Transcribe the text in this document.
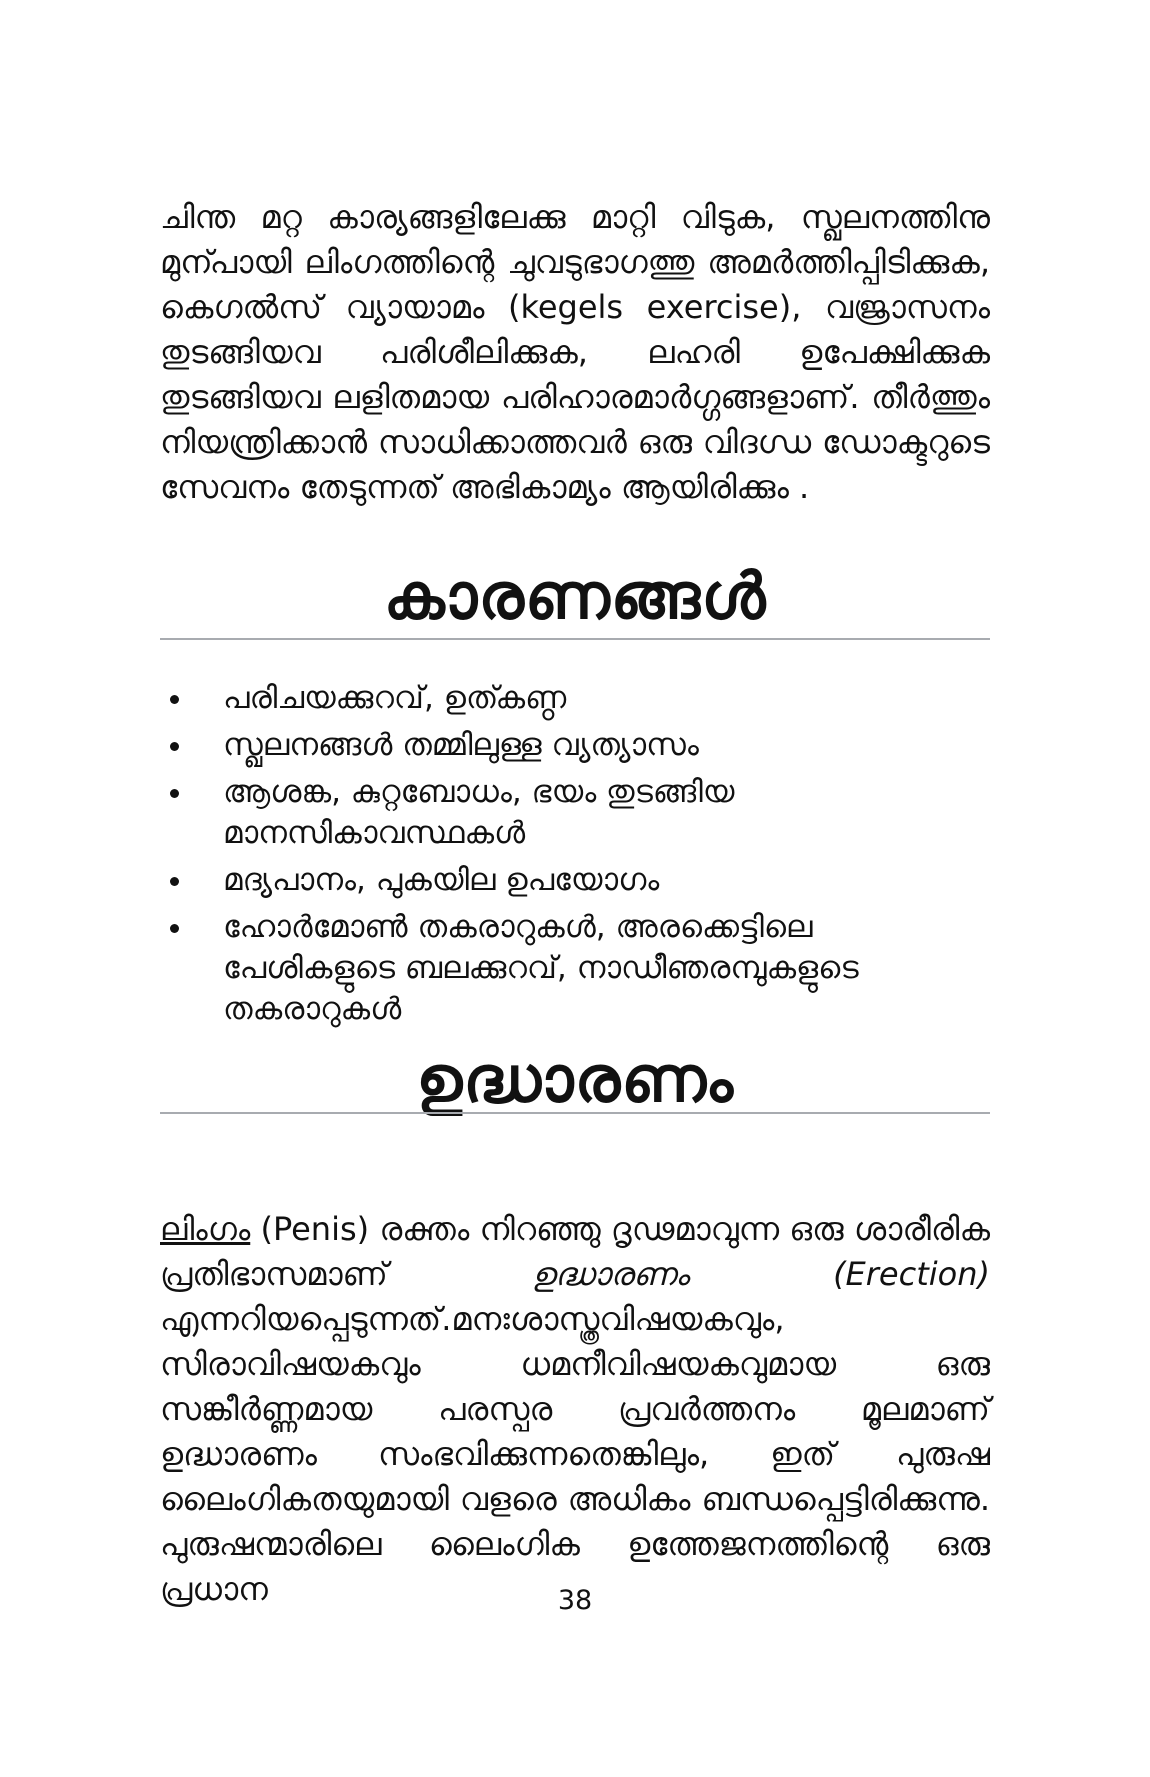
ചിന്ത മറ്റ കാര്യങ്ങളിലേക്കു മാറ്റി വിടുക, സ്ഖലനത്തിനു മുന്പായി ലിംഗത്തിന്റെ ചുവടുഭാഗത്തു അമർത്തിപ്പിടിക്കുക, കെഗൽസ് വ്യായാമം (kegels exercise), വജ്രാസനം തുടങ്ങിയവ പരിശീലിക്കുക, ലഹരി ഉപേക്ഷിക്കുക തുടങ്ങിയവ ലളിതമായ പരിഹാരമാർഗ്ഗങ്ങളാണ്. തീർത്തും നിയന്ത്രിക്കാൻ സാധിക്കാത്തവർ ഒരു വിദഗ്ധ ഡോക്ടറുടെ സേവനം തേടുന്നത് അഭികാമ്യം ആയിരിക്കും .

കാരണങ്ങൾ
പരിചയക്കുറവ്, ഉത്കണ്ഠ
സ്ഖലനങ്ങൾ തമ്മിലുള്ള വ്യത്യാസം
ആശങ്ക, കുറ്റബോധം, ഭയം തുടങ്ങിയ മാനസികാവസ്ഥകൾ
മദ്യപാനം, പുകയില ഉപയോഗം
ഹോർമോൺ തകരാറുകൾ, അരക്കെട്ടിലെ പേശികളുടെ ബലക്കുറവ്, നാഡീഞരമ്പുകളുടെ തകരാറുകൾ
ഉദ്ധാരണം

ലിംഗം (Penis) രക്തം നിറഞ്ഞു ദൃഢമാവുന്ന ഒരു ശാരീരിക പ്രതിഭാസമാണ് ഉദ്ധാരണം (Erection) എന്നറിയപ്പെടുന്നത്.മനഃശാസ്ത്രവിഷയകവും, സിരാവിഷയകവും ധമനീവിഷയകവുമായ ഒരു സങ്കീർണ്ണമായ പരസ്പര പ്രവർത്തനം മൂലമാണ് ഉദ്ധാരണം സംഭവിക്കുന്നതെങ്കിലും, ഇത് പുരുഷ ലൈംഗികതയുമായി വളരെ അധികം ബന്ധപ്പെട്ടിരിക്കുന്നു. പുരുഷന്മാരിലെ ലൈംഗിക ഉത്തേജനത്തിന്റെ ഒരു പ്രധാന	38
